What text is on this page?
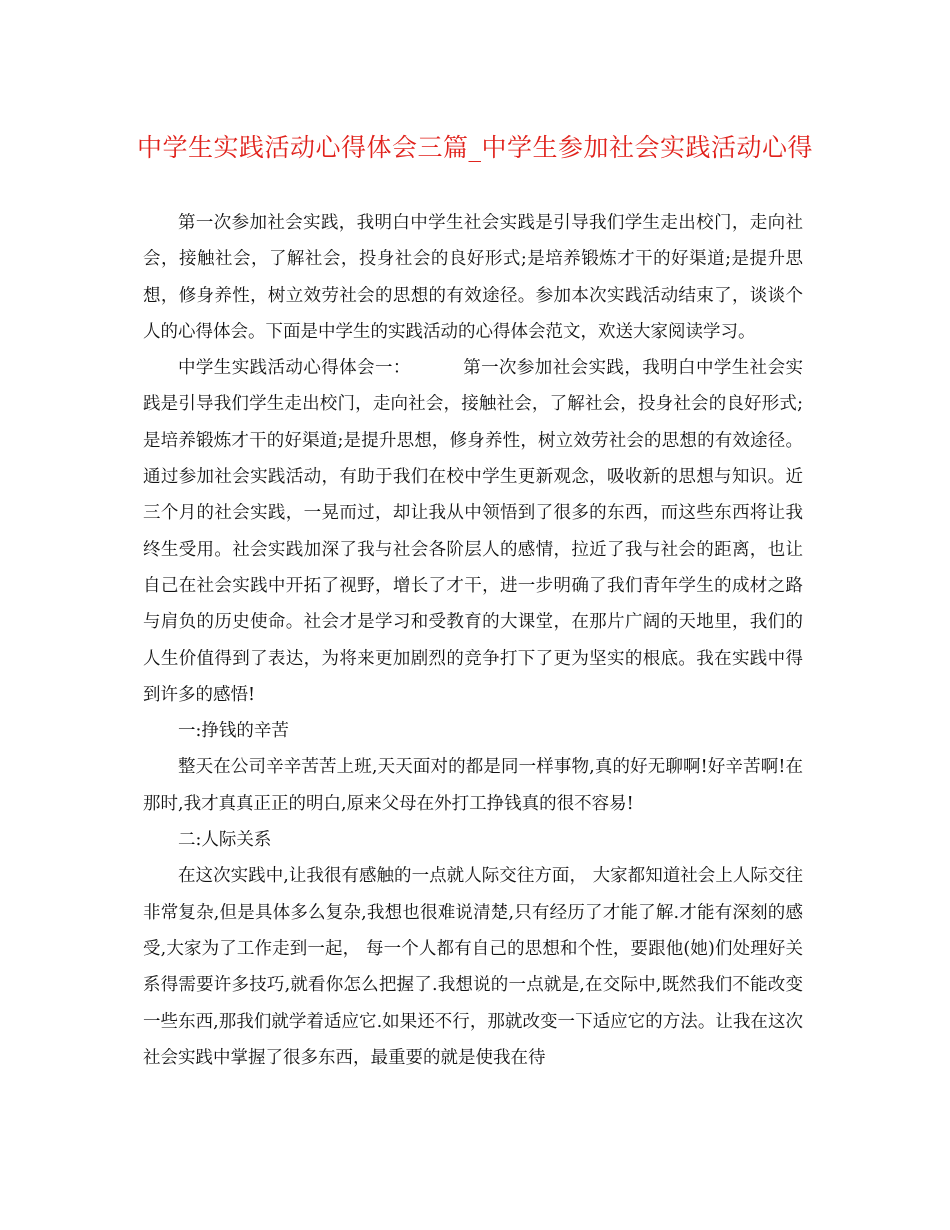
中学生实践活动心得体会三篇_中学生参加社会实践活动心得

第一次参加社会实践，我明白中学生社会实践是引导我们学生走出校门，走向社会，接触社会，了解社会，投身社会的良好形式;是培养锻炼才干的好渠道;是提升思想，修身养性，树立效劳社会的思想的有效途径。参加本次实践活动结束了，谈谈个人的心得体会。下面是中学生的实践活动的心得体会范文，欢送大家阅读学习。

中学生实践活动心得体会一：	第一次参加社会实践，我明白中学生社会实践是引导我们学生走出校门，走向社会，接触社会，了解社会，投身社会的良好形式;是培养锻炼才干的好渠道;是提升思想，修身养性，树立效劳社会的思想的有效途径。通过参加社会实践活动，有助于我们在校中学生更新观念，吸收新的思想与知识。近三个月的社会实践，一晃而过，却让我从中领悟到了很多的东西，而这些东西将让我终生受用。社会实践加深了我与社会各阶层人的感情，拉近了我与社会的距离，也让自己在社会实践中开拓了视野，增长了才干，进一步明确了我们青年学生的成材之路与肩负的历史使命。社会才是学习和受教育的大课堂，在那片广阔的天地里，我们的人生价值得到了表达，为将来更加剧烈的竞争打下了更为坚实的根底。我在实践中得到许多的感悟!

一:挣钱的辛苦

整天在公司辛辛苦苦上班,天天面对的都是同一样事物,真的好无聊啊!好辛苦啊!在那时,我才真真正正的明白,原来父母在外打工挣钱真的很不容易!

二:人际关系

在这次实践中,让我很有感触的一点就人际交往方面， 大家都知道社会上人际交往非常复杂,但是具体多么复杂,我想也很难说清楚,只有经历了才能了解.才能有深刻的感受,大家为了工作走到一起， 每一个人都有自己的思想和个性，要跟他(她)们处理好关系得需要许多技巧,就看你怎么把握了.我想说的一点就是,在交际中,既然我们不能改变一些东西,那我们就学着适应它.如果还不行，那就改变一下适应它的方法。让我在这次社会实践中掌握了很多东西，最重要的就是使我在待
